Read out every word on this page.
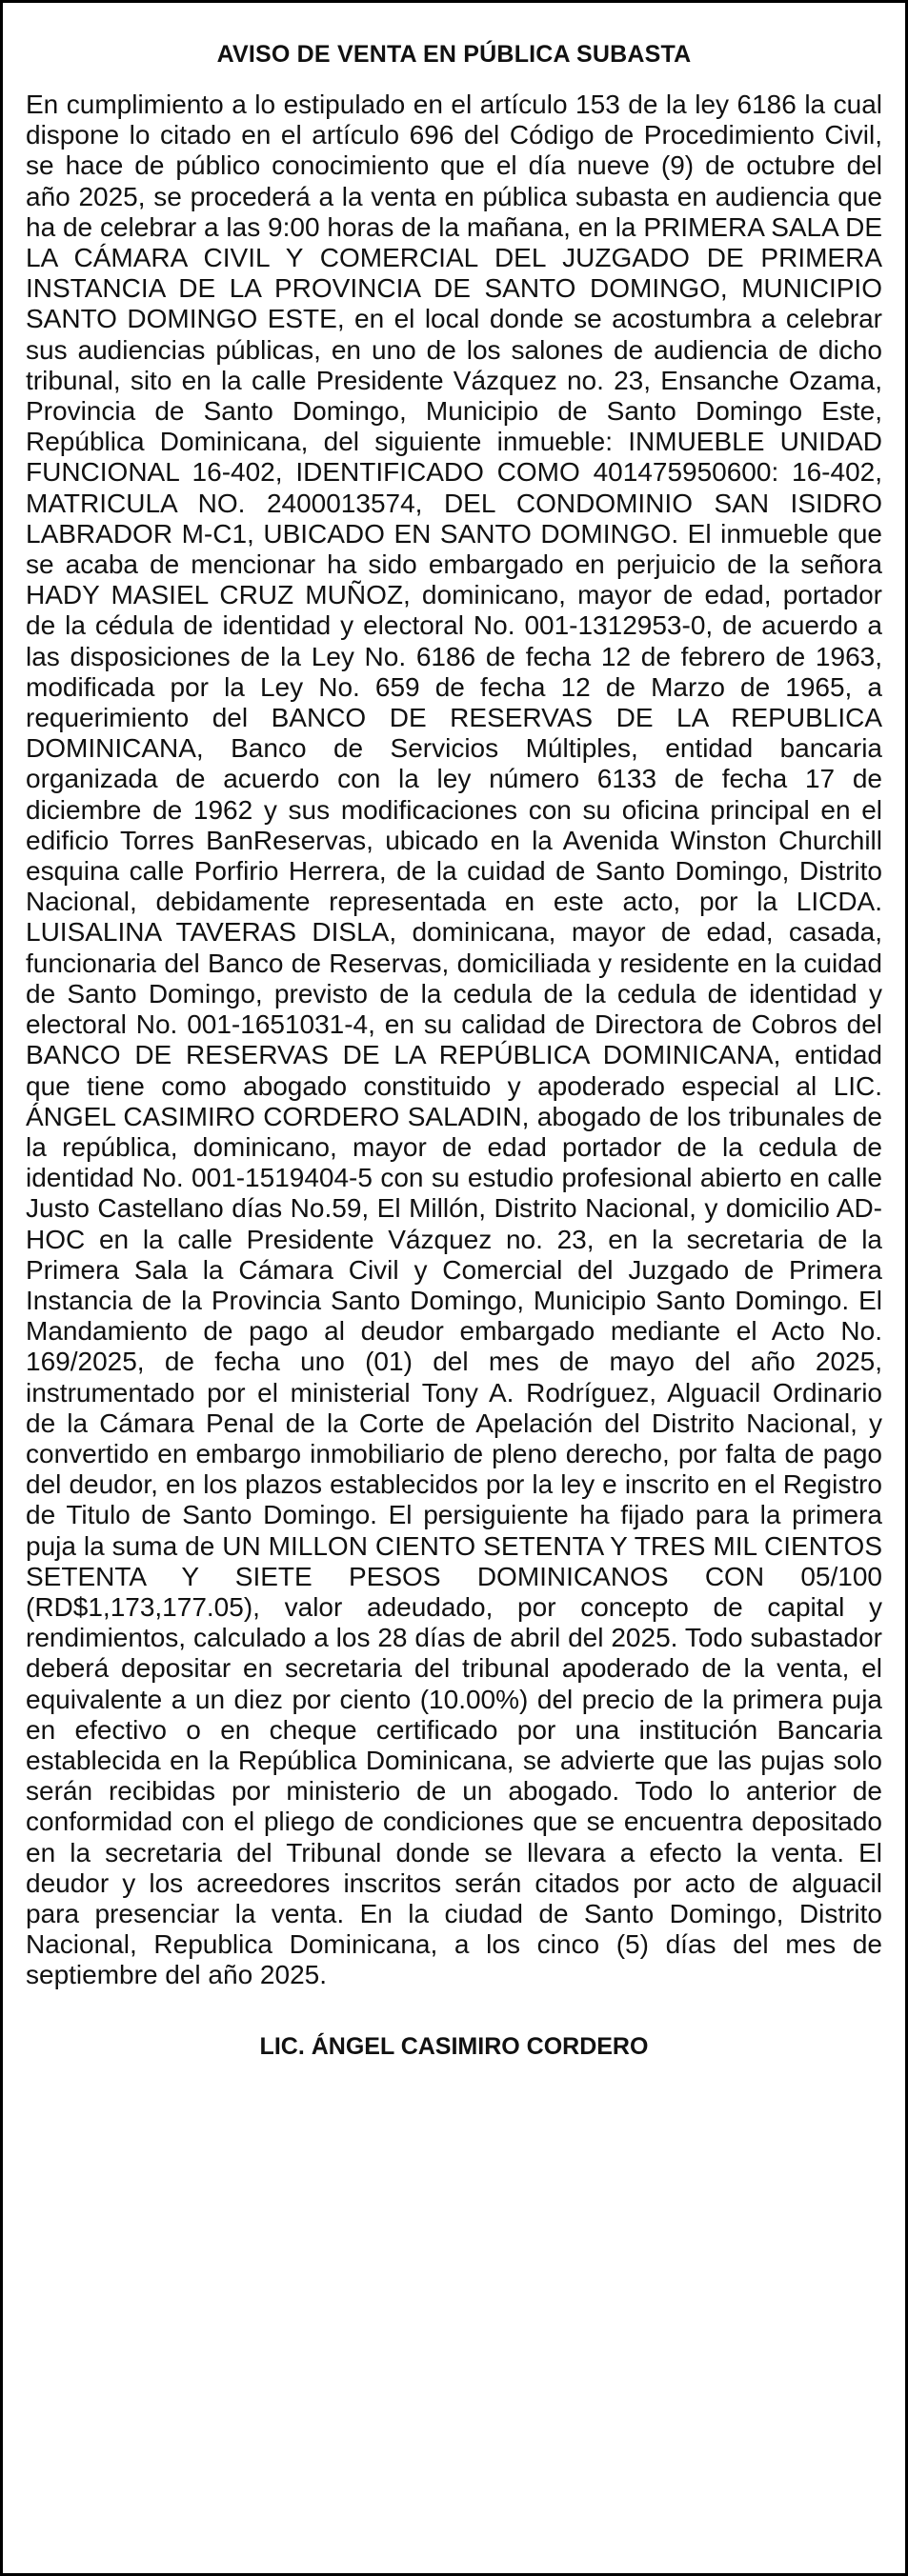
AVISO DE VENTA EN PÚBLICA SUBASTA

En cumplimiento a lo estipulado en el artículo 153 de la ley 6186 la cual dispone lo citado en el artículo 696 del Código de Procedimiento Civil, se hace de público conocimiento que el día nueve (9) de octubre del año 2025, se procederá a la venta en pública subasta en audiencia que ha de celebrar a las 9:00 horas de la mañana, en la PRIMERA SALA DE LA CÁMARA CIVIL Y COMERCIAL DEL JUZGADO DE PRIMERA INSTANCIA DE LA PROVINCIA DE SANTO DOMINGO, MUNICIPIO SANTO DOMINGO ESTE, en el local donde se acostumbra a celebrar sus audiencias públicas, en uno de los salones de audiencia de dicho tribunal, sito en la calle Presidente Vázquez no. 23, Ensanche Ozama, Provincia de Santo Domingo, Municipio de Santo Domingo Este, República Dominicana, del siguiente inmueble: INMUEBLE UNIDAD FUNCIONAL 16-402, IDENTIFICADO COMO 401475950600: 16-402, MATRICULA NO. 2400013574, DEL CONDOMINIO SAN ISIDRO LABRADOR M-C1, UBICADO EN SANTO DOMINGO. El inmueble que se acaba de mencionar ha sido embargado en perjuicio de la señora HADY MASIEL CRUZ MUÑOZ, dominicano, mayor de edad, portador de la cédula de identidad y electoral No. 001-1312953-0, de acuerdo a las disposiciones de la Ley No. 6186 de fecha 12 de febrero de 1963, modificada por la Ley No. 659 de fecha 12 de Marzo de 1965, a requerimiento del BANCO DE RESERVAS DE LA REPUBLICA DOMINICANA, Banco de Servicios Múltiples, entidad bancaria organizada de acuerdo con la ley número 6133 de fecha 17 de diciembre de 1962 y sus modificaciones con su oficina principal en el edificio Torres BanReservas, ubicado en la Avenida Winston Churchill esquina calle Porfirio Herrera, de la cuidad de Santo Domingo, Distrito Nacional, debidamente representada en este acto, por la LICDA. LUISALINA TAVERAS DISLA, dominicana, mayor de edad, casada, funcionaria del Banco de Reservas, domiciliada y residente en la cuidad de Santo Domingo, previsto de la cedula de la cedula de identidad y electoral No. 001-1651031-4, en su calidad de Directora de Cobros del BANCO DE RESERVAS DE LA REPÚBLICA DOMINICANA, entidad que tiene como abogado constituido y apoderado especial al LIC. ÁNGEL CASIMIRO CORDERO SALADIN, abogado de los tribunales de la república, dominicano, mayor de edad portador de la cedula de identidad No. 001-1519404-5 con su estudio profesional abierto en calle Justo Castellano días No.59, El Millón, Distrito Nacional, y domicilio AD-HOC en la calle Presidente Vázquez no. 23, en la secretaria de la Primera Sala la Cámara Civil y Comercial del Juzgado de Primera Instancia de la Provincia Santo Domingo, Municipio Santo Domingo. El Mandamiento de pago al deudor embargado mediante el Acto No. 169/2025, de fecha uno (01) del mes de mayo del año 2025, instrumentado por el ministerial Tony A. Rodríguez, Alguacil Ordinario de la Cámara Penal de la Corte de Apelación del Distrito Nacional, y convertido en embargo inmobiliario de pleno derecho, por falta de pago del deudor, en los plazos establecidos por la ley e inscrito en el Registro de Titulo de Santo Domingo. El persiguiente ha fijado para la primera puja la suma de UN MILLON CIENTO SETENTA Y TRES MIL CIENTOS SETENTA Y SIETE PESOS DOMINICANOS CON 05/100 (RD$1,173,177.05), valor adeudado, por concepto de capital y rendimientos, calculado a los 28 días de abril del 2025. Todo subastador deberá depositar en secretaria del tribunal apoderado de la venta, el equivalente a un diez por ciento (10.00%) del precio de la primera puja en efectivo o en cheque certificado por una institución Bancaria establecida en la República Dominicana, se advierte que las pujas solo serán recibidas por ministerio de un abogado. Todo lo anterior de conformidad con el pliego de condiciones que se encuentra depositado en la secretaria del Tribunal donde se llevara a efecto la venta. El deudor y los acreedores inscritos serán citados por acto de alguacil para presenciar la venta. En la ciudad de Santo Domingo, Distrito Nacional, Republica Dominicana, a los cinco (5) días del mes de septiembre del año 2025.

LIC. ÁNGEL CASIMIRO CORDERO
